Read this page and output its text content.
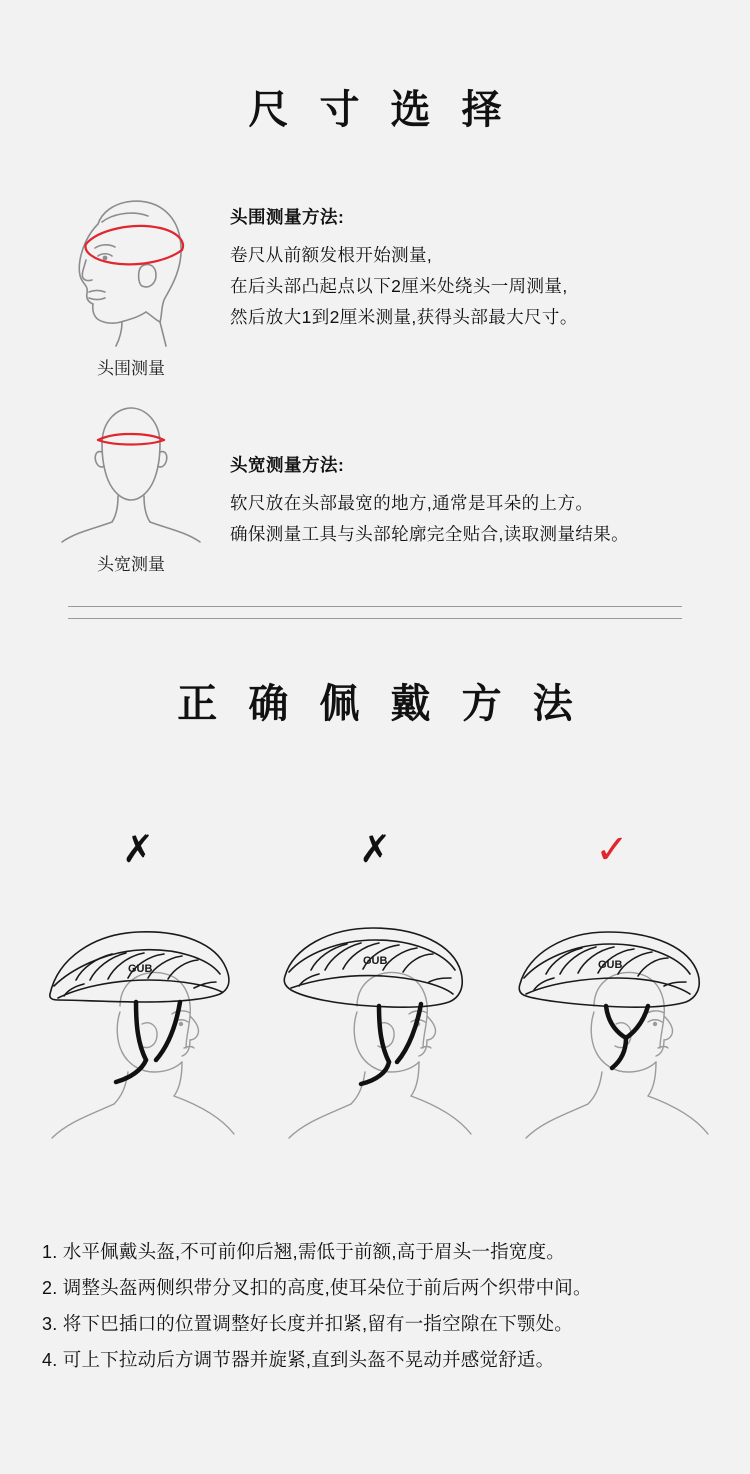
尺 寸 选 择
头围测量
头围测量方法:
卷尺从前额发根开始测量,
在后头部凸起点以下2厘米处绕头一周测量,
然后放大1到2厘米测量,获得头部最大尺寸。
头宽测量
头宽测量方法:
软尺放在头部最宽的地方,通常是耳朵的上方。
确保测量工具与头部轮廓完全贴合,读取测量结果。
正 确 佩 戴 方 法
✗
GUB
✗
GUB
✓
GUB
1. 水平佩戴头盔,不可前仰后翘,需低于前额,高于眉头一指宽度。
2. 调整头盔两侧织带分叉扣的高度,使耳朵位于前后两个织带中间。
3. 将下巴插口的位置调整好长度并扣紧,留有一指空隙在下颚处。
4. 可上下拉动后方调节器并旋紧,直到头盔不晃动并感觉舒适。
